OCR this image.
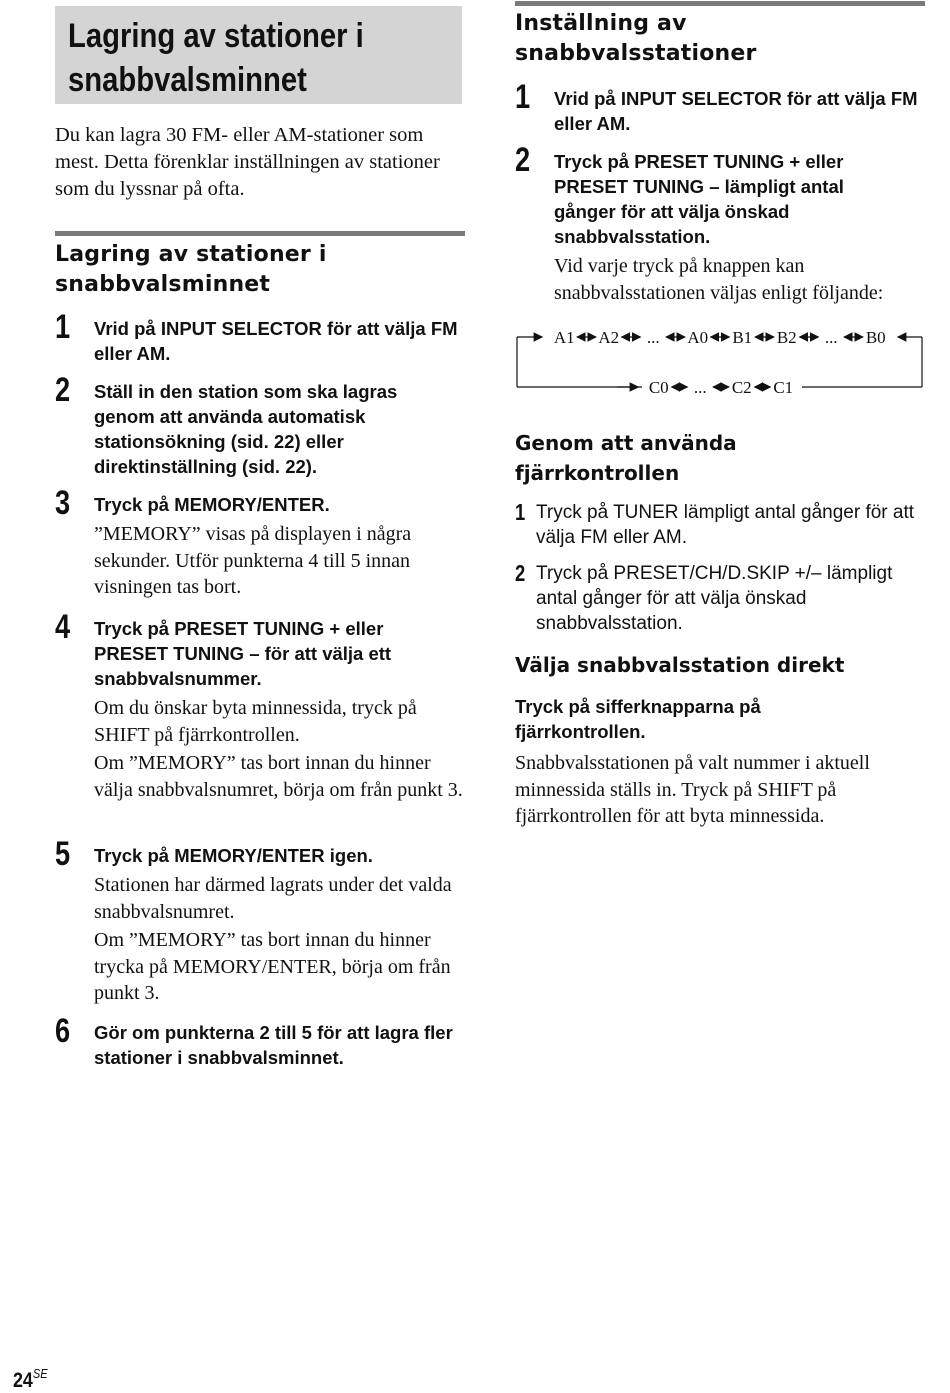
Lagring av stationer i snabbvalsminnet

Du kan lagra 30 FM- eller AM-stationer som mest. Detta förenklar inställningen av stationer som du lyssnar på ofta.

Lagring av stationer i snabbvalsminnet
1 Vrid på INPUT SELECTOR för att välja FM eller AM.
2 Ställ in den station som ska lagras genom att använda automatisk stationsökning (sid. 22) eller direktinställning (sid. 22).
3 Tryck på MEMORY/ENTER.

”MEMORY” visas på displayen i några sekunder. Utför punkterna 4 till 5 innan visningen tas bort.

4 Tryck på PRESET TUNING + eller PRESET TUNING – för att välja ett snabbvalsnummer.

Om du önskar byta minnessida, tryck på SHIFT på fjärrkontrollen.

Om ”MEMORY” tas bort innan du hinner välja snabbvalsnumret, börja om från punkt 3.

5 Tryck på MEMORY/ENTER igen.

Stationen har därmed lagrats under det valda snabbvalsnumret.

Om ”MEMORY” tas bort innan du hinner trycka på MEMORY/ENTER, börja om från punkt 3.

6 Gör om punkterna 2 till 5 för att lagra fler stationer i snabbvalsminnet.
Inställning av snabbvalsstationer
1 Vrid på INPUT SELECTOR för att välja FM eller AM.
2 Tryck på PRESET TUNING + eller PRESET TUNING – lämpligt antal gånger för att välja önskad snabbvalsstation.

Vid varje tryck på knappen kan snabbvalsstationen väljas enligt följande:

A1 A2 ... A0 B1 B2 ... B0
C0 ... C2 C1
Genom att använda fjärrkontrollen
1 Tryck på TUNER lämpligt antal gånger för att välja FM eller AM.
2 Tryck på PRESET/CH/D.SKIP +/– lämpligt antal gånger för att välja önskad snabbvalsstation.
Välja snabbvalsstation direkt

Tryck på sifferknapparna på fjärrkontrollen.

Snabbvalsstationen på valt nummer i aktuell minnessida ställs in. Tryck på SHIFT på fjärrkontrollen för att byta minnessida.

$24^{SE}$
